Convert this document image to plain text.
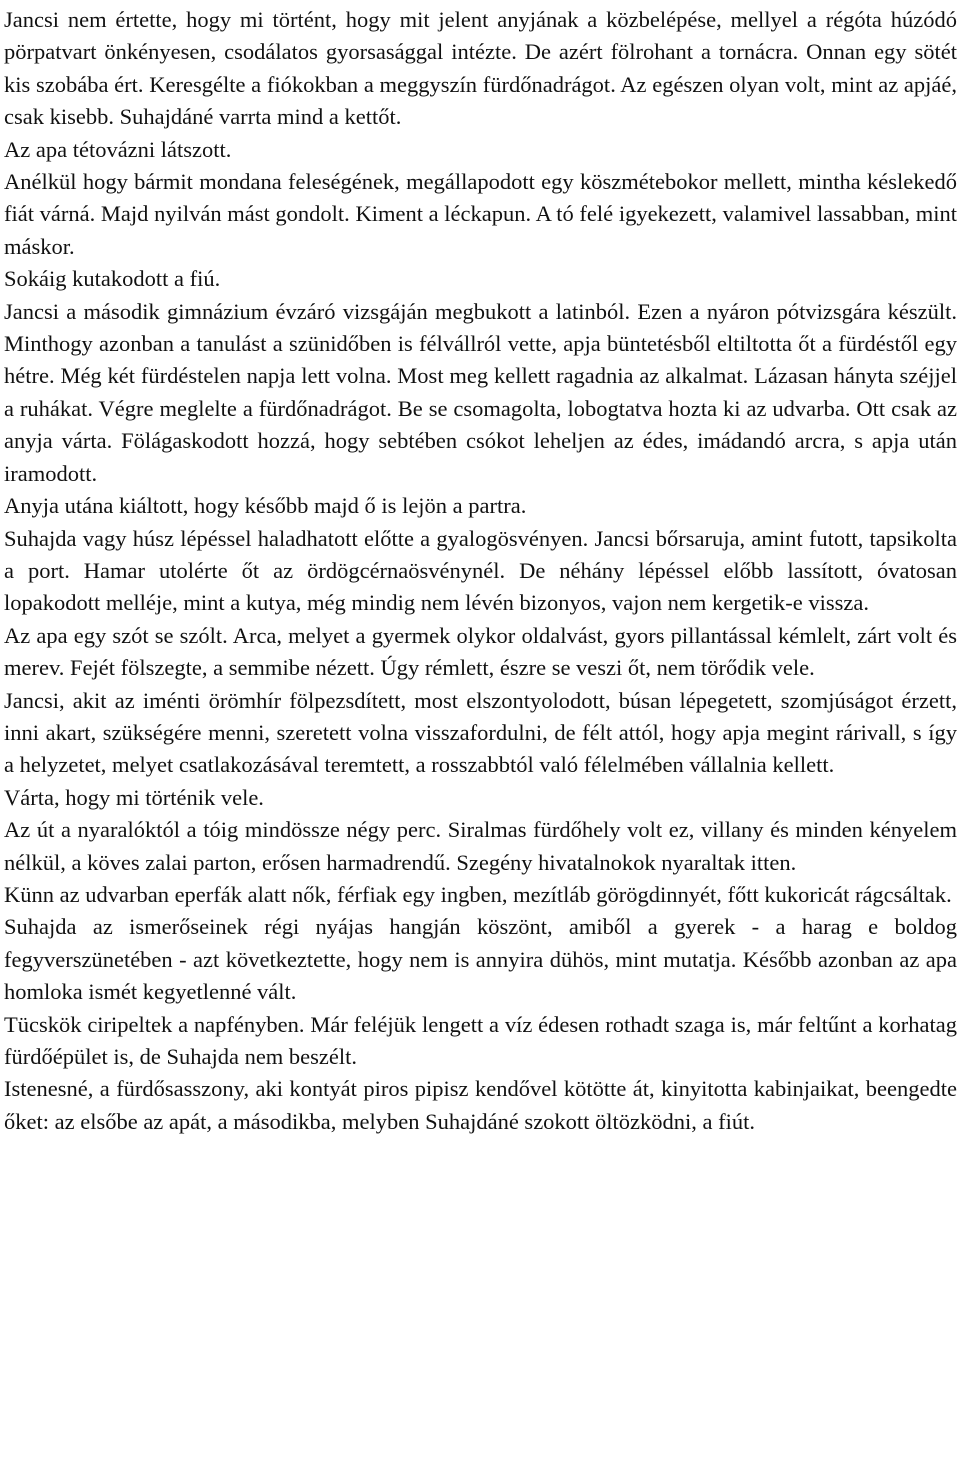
Jancsi nem értette, hogy mi történt, hogy mit jelent anyjának a közbelépése, mellyel a régóta húzódó pörpatvart önkényesen, csodálatos gyorsasággal intézte. De azért fölrohant a tornácra. Onnan egy sötét kis szobába ért. Keresgélte a fiókokban a meggyszín fürdőnadrágot. Az egészen olyan volt, mint az apjáé, csak kisebb. Suhajdáné varrta mind a kettőt.

Az apa tétovázni látszott.

Anélkül hogy bármit mondana feleségének, megállapodott egy köszmétebokor mellett, mintha késlekedő fiát várná. Majd nyilván mást gondolt. Kiment a léckapun. A tó felé igyekezett, valamivel lassabban, mint máskor.

Sokáig kutakodott a fiú.

Jancsi a második gimnázium évzáró vizsgáján megbukott a latinból. Ezen a nyáron pótvizsgára készült. Minthogy azonban a tanulást a szünidőben is félvállról vette, apja büntetésből eltiltotta őt a fürdéstől egy hétre. Még két fürdéstelen napja lett volna. Most meg kellett ragadnia az alkalmat. Lázasan hányta széjjel a ruhákat. Végre meglelte a fürdőnadrágot. Be se csomagolta, lobogtatva hozta ki az udvarba. Ott csak az anyja várta. Fölágaskodott hozzá, hogy sebtében csókot leheljen az édes, imádandó arcra, s apja után iramodott.

Anyja utána kiáltott, hogy később majd ő is lejön a partra.

Suhajda vagy húsz lépéssel haladhatott előtte a gyalogösvényen. Jancsi bőrsaruja, amint futott, tapsikolta a port. Hamar utolérte őt az ördögcérnaösvénynél. De néhány lépéssel előbb lassított, óvatosan lopakodott melléje, mint a kutya, még mindig nem lévén bizonyos, vajon nem kergetik-e vissza.

Az apa egy szót se szólt. Arca, melyet a gyermek olykor oldalvást, gyors pillantással kémlelt, zárt volt és merev. Fejét fölszegte, a semmibe nézett. Úgy rémlett, észre se veszi őt, nem törődik vele.

Jancsi, akit az iménti örömhír fölpezsdített, most elszontyolodott, búsan lépegetett, szomjúságot érzett, inni akart, szükségére menni, szeretett volna visszafordulni, de félt attól, hogy apja megint rárivall, s így a helyzetet, melyet csatlakozásával teremtett, a rosszabbtól való félelmében vállalnia kellett.

Várta, hogy mi történik vele.

Az út a nyaralóktól a tóig mindössze négy perc. Siralmas fürdőhely volt ez, villany és minden kényelem nélkül, a köves zalai parton, erősen harmadrendű. Szegény hivatalnokok nyaraltak itten.

Künn az udvarban eperfák alatt nők, férfiak egy ingben, mezítláb görögdinnyét, főtt kukoricát rágcsáltak.

Suhajda az ismerőseinek régi nyájas hangján köszönt, amiből a gyerek - a harag e boldog fegyverszünetében - azt következtette, hogy nem is annyira dühös, mint mutatja. Később azonban az apa homloka ismét kegyetlenné vált.

Tücskök ciripeltek a napfényben. Már feléjük lengett a víz édesen rothadt szaga is, már feltűnt a korhatag fürdőépület is, de Suhajda nem beszélt.

Istenesné, a fürdősasszony, aki kontyát piros pipisz kendővel kötötte át, kinyitotta kabinjaikat, beengedte őket: az elsőbe az apát, a másodikba, melyben Suhajdáné szokott öltözködni, a fiút.
